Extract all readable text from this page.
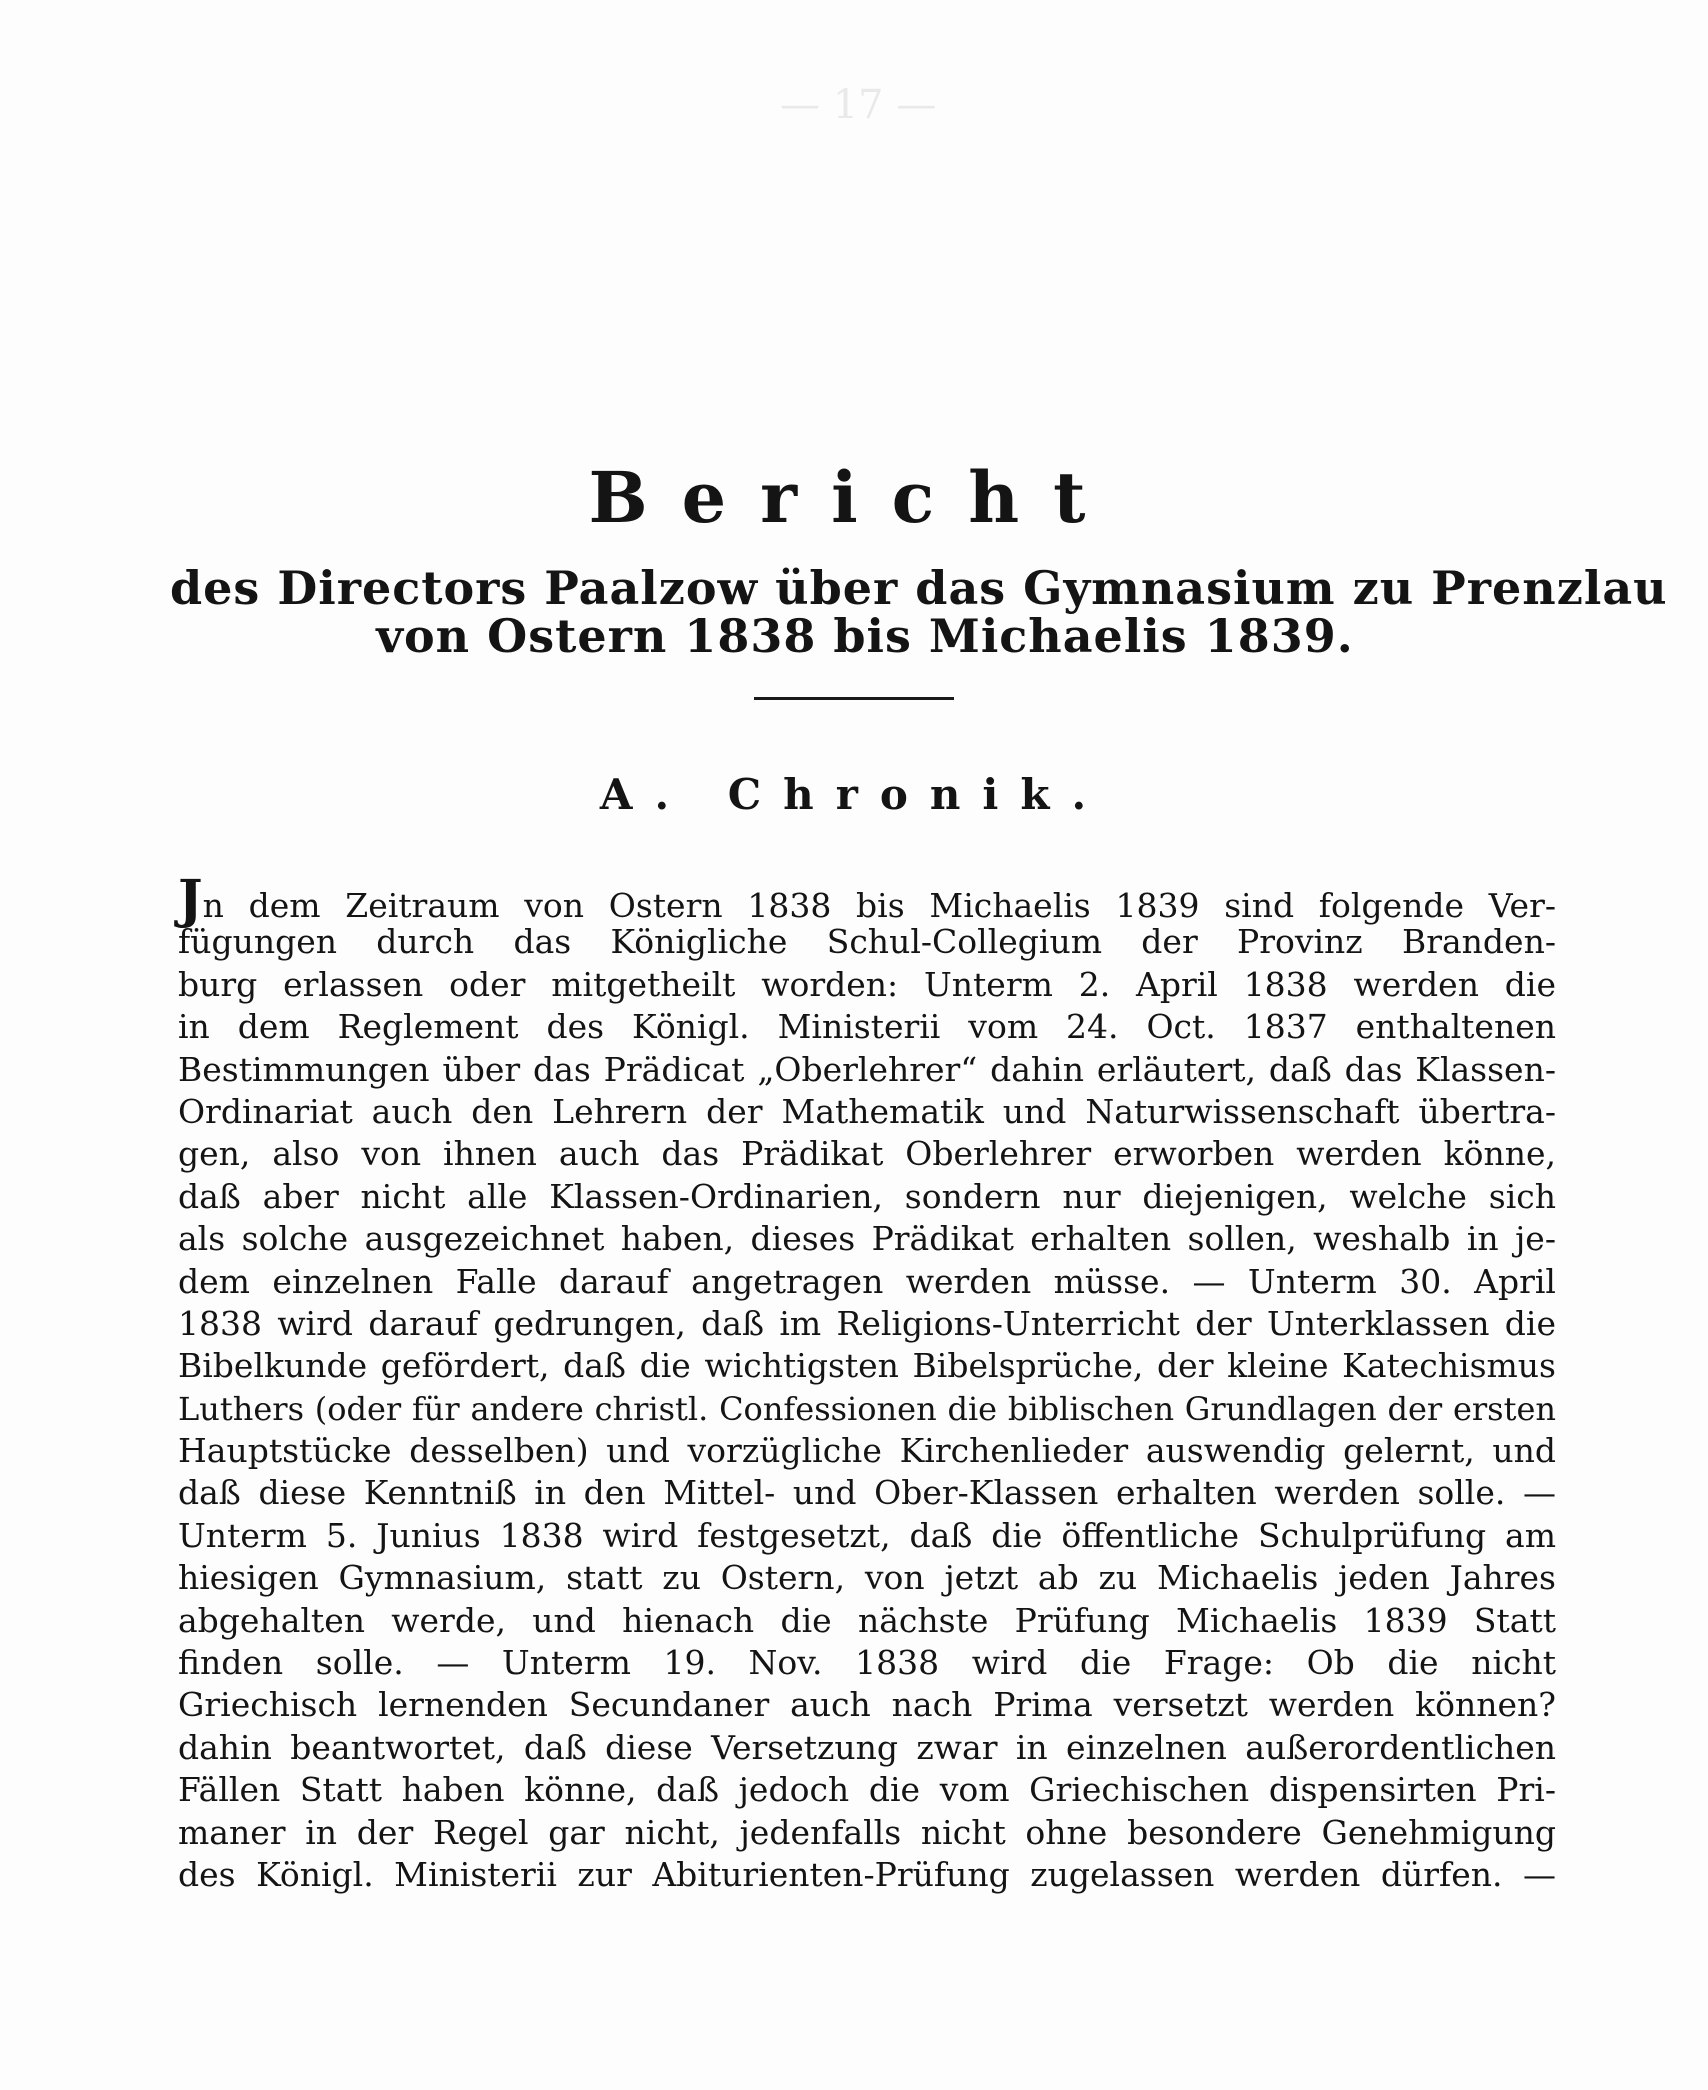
— 17 —
Bericht
des Directors Paalzow über das Gymnasium zu Prenzlau
von Ostern 1838 bis Michaelis 1839.
A. Chronik.
Jn dem Zeitraum von Ostern 1838 bis Michaelis 1839 sind folgende Ver-
fügungen durch das Königliche Schul-Collegium der Provinz Branden-
burg erlassen oder mitgetheilt worden: Unterm 2. April 1838 werden die
in dem Reglement des Königl. Ministerii vom 24. Oct. 1837 enthaltenen
Bestimmungen über das Prädicat „Oberlehrer“ dahin erläutert, daß das Klassen-
Ordinariat auch den Lehrern der Mathematik und Naturwissenschaft übertra-
gen, also von ihnen auch das Prädikat Oberlehrer erworben werden könne,
daß aber nicht alle Klassen-Ordinarien, sondern nur diejenigen, welche sich
als solche ausgezeichnet haben, dieses Prädikat erhalten sollen, weshalb in je-
dem einzelnen Falle darauf angetragen werden müsse. — Unterm 30. April
1838 wird darauf gedrungen, daß im Religions-Unterricht der Unterklassen die
Bibelkunde gefördert, daß die wichtigsten Bibelsprüche, der kleine Katechismus
Luthers (oder für andere christl. Confessionen die biblischen Grundlagen der ersten
Hauptstücke desselben) und vorzügliche Kirchenlieder auswendig gelernt, und
daß diese Kenntniß in den Mittel- und Ober-Klassen erhalten werden solle. —
Unterm 5. Junius 1838 wird festgesetzt, daß die öffentliche Schulprüfung am
hiesigen Gymnasium, statt zu Ostern, von jetzt ab zu Michaelis jeden Jahres
abgehalten werde, und hienach die nächste Prüfung Michaelis 1839 Statt
finden solle. — Unterm 19. Nov. 1838 wird die Frage: Ob die nicht
Griechisch lernenden Secundaner auch nach Prima versetzt werden können?
dahin beantwortet, daß diese Versetzung zwar in einzelnen außerordentlichen
Fällen Statt haben könne, daß jedoch die vom Griechischen dispensirten Pri-
maner in der Regel gar nicht, jedenfalls nicht ohne besondere Genehmigung
des Königl. Ministerii zur Abiturienten-Prüfung zugelassen werden dürfen. —
